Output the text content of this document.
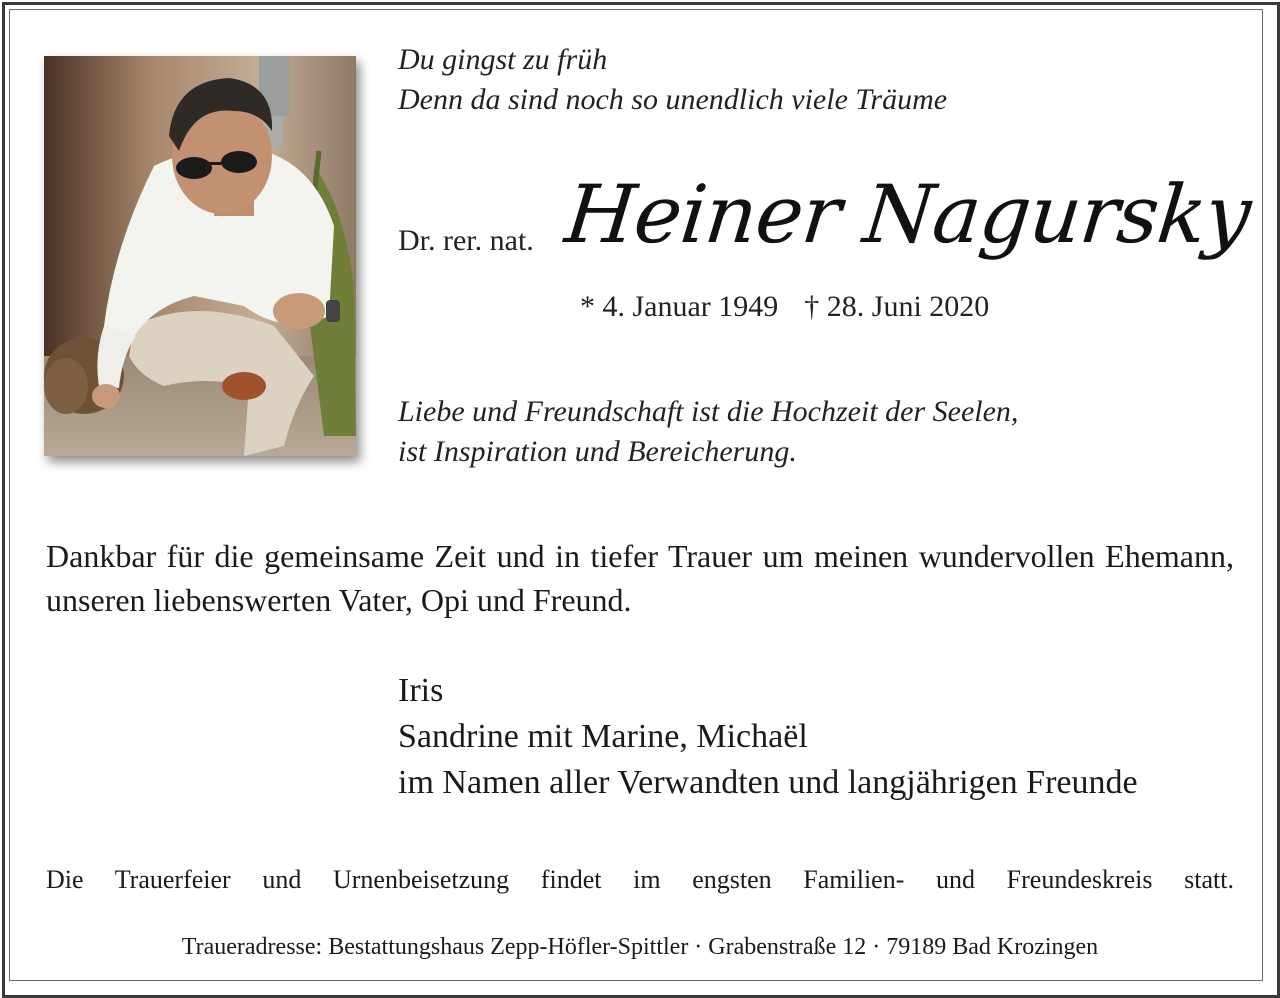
Du gingst zu früh
Denn da sind noch so unendlich viele Träume
Dr. rer. nat. Heiner Nagursky
* 4. Januar 1949 † 28. Juni 2020
Liebe und Freundschaft ist die Hochzeit der Seelen,
ist Inspiration und Bereicherung.
Dankbar für die gemeinsame Zeit und in tiefer Trauer um meinen wundervollen Ehemann, unseren liebenswerten Vater, Opi und Freund.
Iris
Sandrine mit Marine, Michaël
im Namen aller Verwandten und langjährigen Freunde
Die Trauerfeier und Urnenbeisetzung findet im engsten Familien- und Freundeskreis statt.
Traueradresse: Bestattungshaus Zepp-Höfler-Spittler · Grabenstraße 12 · 79189 Bad Krozingen
